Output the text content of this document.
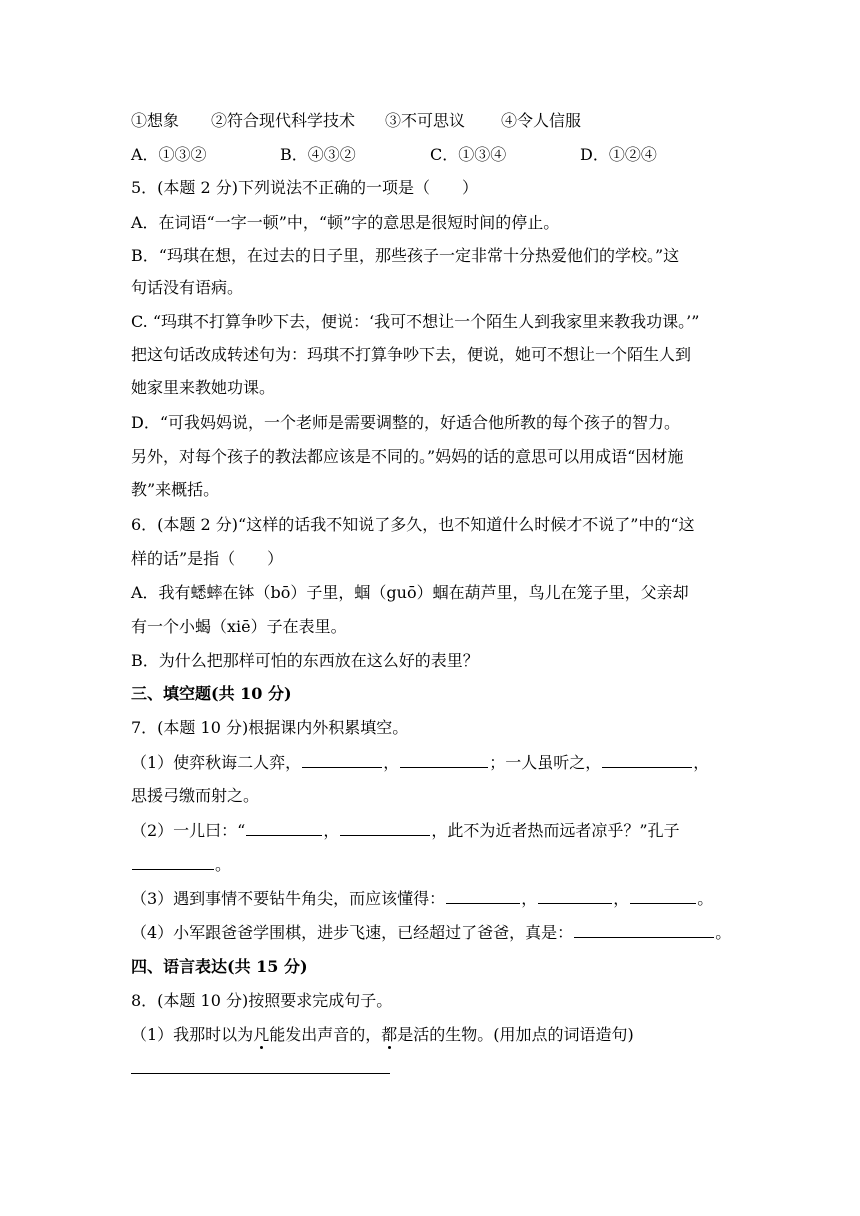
①想象 ②符合现代科学技术 ③不可思议 ④令人信服
A．①③②	B．④③②	C．①③④	D．①②④
5．(本题 2 分)下列说法不正确的一项是（　　）
A．在词语“一字一顿”中，“顿”字的意思是很短时间的停止。
B．“玛琪在想，在过去的日子里，那些孩子一定非常十分热爱他们的学校。”这
句话没有语病。
C. “玛琪不打算争吵下去，便说：‘我可不想让一个陌生人到我家里来教我功课。’”
把这句话改成转述句为：玛琪不打算争吵下去，便说，她可不想让一个陌生人到
她家里来教她功课。
D．“可我妈妈说，一个老师是需要调整的，好适合他所教的每个孩子的智力。
另外，对每个孩子的教法都应该是不同的。”妈妈的话的意思可以用成语“因材施
教”来概括。
6．(本题 2 分)“这样的话我不知说了多久，也不知道什么时候才不说了”中的“这
样的话”是指（　　）
A．我有蟋蟀在钵（bō）子里，蝈（guō）蝈在葫芦里，鸟儿在笼子里，父亲却
有一个小蝎（xiē）子在表里。
B．为什么把那样可怕的东西放在这么好的表里？
三、填空题(共 10 分)
7．(本题 10 分)根据课内外积累填空。
（1）使弈秋诲二人弈，	，	；一人虽听之，	，
思援弓缴而射之。
（2）一儿曰：“	，	，此不为近者热而远者凉乎？”孔子
。
（3）遇到事情不要钻牛角尖，而应该懂得：	，	，	。
（4）小军跟爸爸学围棋，进步飞速，已经超过了爸爸，真是：	。
四、语言表达(共 15 分)
8．(本题 10 分)按照要求完成句子。
（1）我那时以为凡能发出声音的，都是活的生物。(用加点的词语造句)
